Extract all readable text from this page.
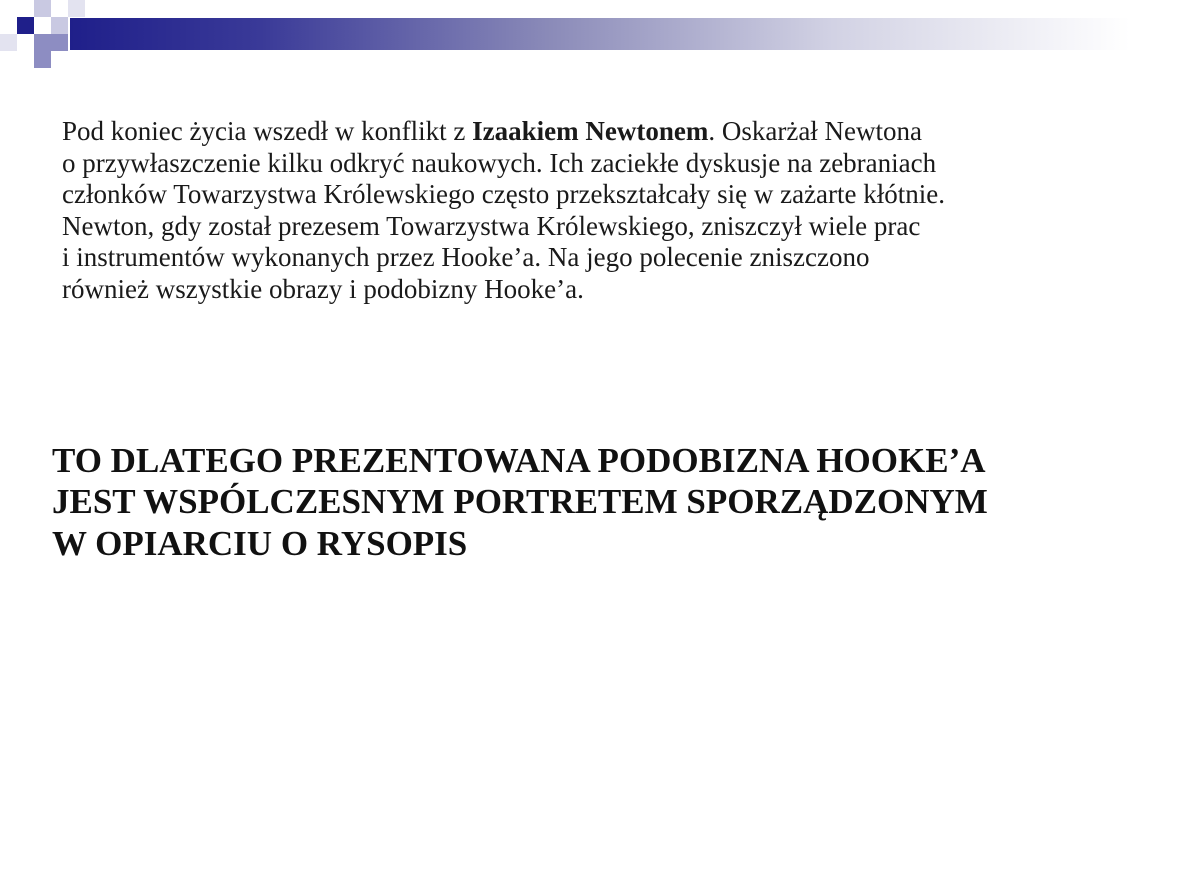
Pod koniec życia wszedł w konflikt z Izaakiem Newtonem. Oskarżał Newtona
o przywłaszczenie kilku odkryć naukowych. Ich zaciekłe dyskusje na zebraniach
członków Towarzystwa Królewskiego często przekształcały się w zażarte kłótnie.
Newton, gdy został prezesem Towarzystwa Królewskiego, zniszczył wiele prac
i instrumentów wykonanych przez Hooke’a. Na jego polecenie zniszczono
również wszystkie obrazy i podobizny Hooke’a.

TO DLATEGO PREZENTOWANA PODOBIZNA HOOKE’A
JEST WSPÓLCZESNYM PORTRETEM SPORZĄDZONYM
W OPIARCIU O RYSOPIS
